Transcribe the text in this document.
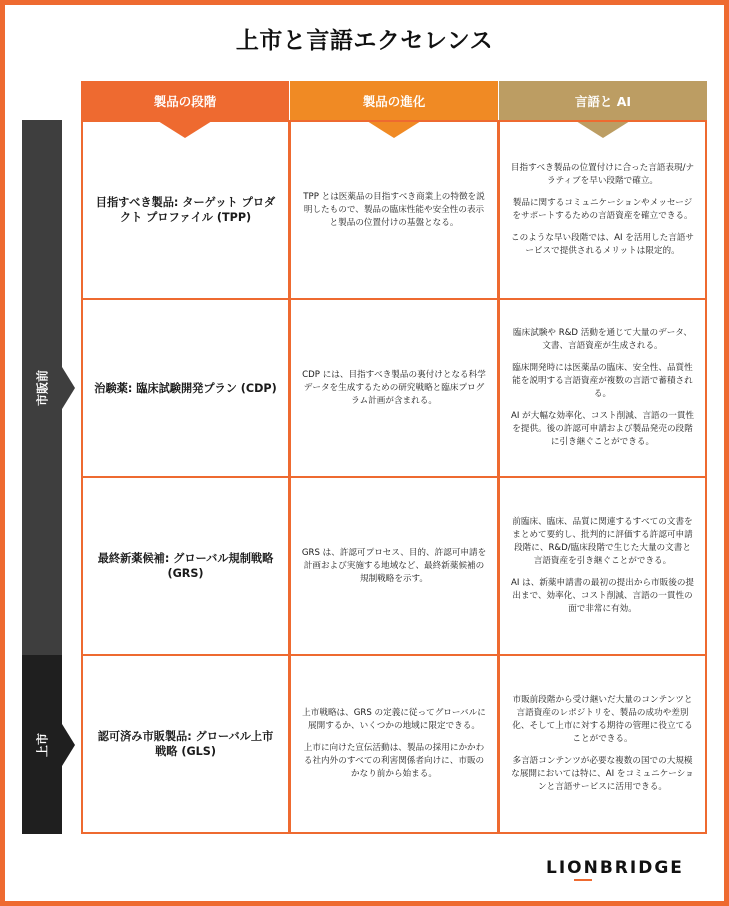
上市と言語エクセレンス
市販前
上市
製品の段階	製品の進化	言語と AI
目指すべき製品: ターゲット プロダクト プロファイル (TPP)

TPP とは医薬品の目指すべき商業上の特徴を説明したもので、製品の臨床性能や安全性の表示と製品の位置付けの基盤となる。

目指すべき製品の位置付けに合った言語表現/ナラティブを早い段階で確立。

製品に関するコミュニケーションやメッセージをサポートするための言語資産を確立できる。

このような早い段階では、AI を活用した言語サービスで提供されるメリットは限定的。

治験薬: 臨床試験開発プラン (CDP)

CDP には、目指すべき製品の裏付けとなる科学データを生成するための研究戦略と臨床プログラム計画が含まれる。

臨床試験や R&D 活動を通じて大量のデータ、文書、言語資産が生成される。

臨床開発時には医薬品の臨床、安全性、品質性能を説明する言語資産が複数の言語で蓄積される。

AI が大幅な効率化、コスト削減、言語の一貫性を提供。後の許認可申請および製品発売の段階に引き継ぐことができる。

最終新薬候補: グローバル規制戦略 (GRS)

GRS は、許認可プロセス、目的、許認可申請を計画および実施する地域など、最終新薬候補の規制戦略を示す。

前臨床、臨床、品質に関連するすべての文書をまとめて要約し、批判的に評価する許認可申請段階に、R&D/臨床段階で生じた大量の文書と言語資産を引き継ぐことができる。

AI は、新薬申請書の最初の提出から市販後の提出まで、効率化、コスト削減、言語の一貫性の面で非常に有効。

認可済み市販製品: グローバル上市戦略 (GLS)

上市戦略は、GRS の定義に従ってグローバルに展開するか、いくつかの地域に限定できる。

上市に向けた宣伝活動は、製品の採用にかかわる社内外のすべての利害関係者向けに、市販のかなり前から始まる。

市販前段階から受け継いだ大量のコンテンツと言語資産のレポジトリを、製品の成功や差別化、そして上市に対する期待の管理に役立てることができる。

多言語コンテンツが必要な複数の国での大規模な展開においては特に、AI をコミュニケーションと言語サービスに活用できる。

LIONBRIDGE
